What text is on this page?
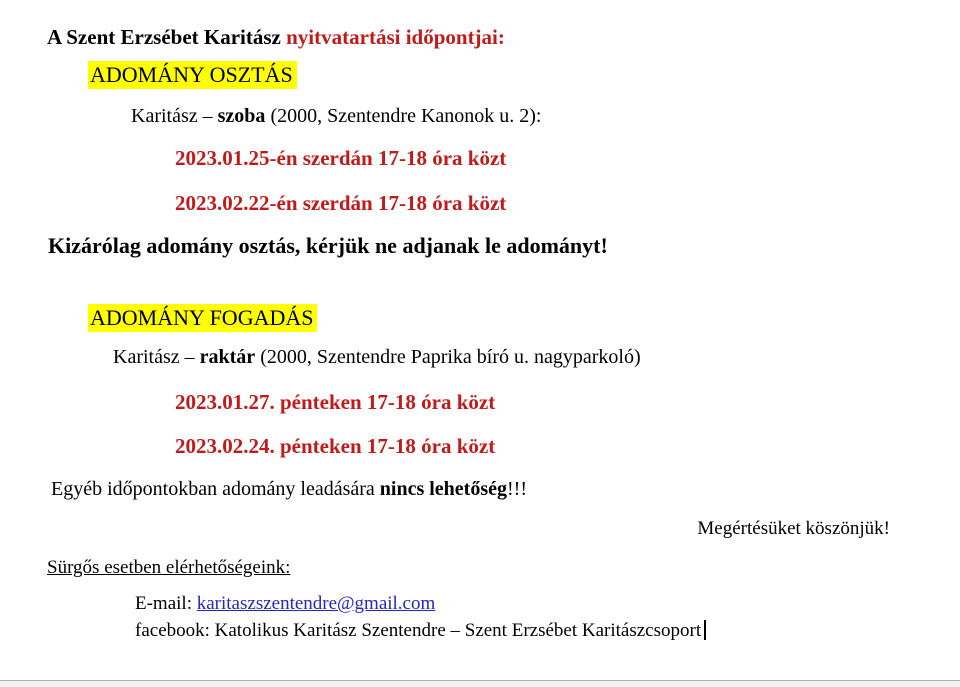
A Szent Erzsébet Karitász nyitvatartási időpontjai:
ADOMÁNY OSZTÁS
Karitász – szoba (2000, Szentendre Kanonok u. 2):
2023.01.25-én szerdán 17-18 óra közt
2023.02.22-én szerdán 17-18 óra közt
Kizárólag adomány osztás, kérjük ne adjanak le adományt!
ADOMÁNY FOGADÁS
Karitász – raktár (2000, Szentendre Paprika bíró u. nagyparkoló)
2023.01.27. pénteken 17-18 óra közt
2023.02.24. pénteken 17-18 óra közt
Egyéb időpontokban adomány leadására nincs lehetőség!!!
Megértésüket köszönjük!
Sürgős esetben elérhetőségeink:
E-mail: karitaszszentendre@gmail.com
facebook: Katolikus Karitász Szentendre – Szent Erzsébet Karitászcsoport
